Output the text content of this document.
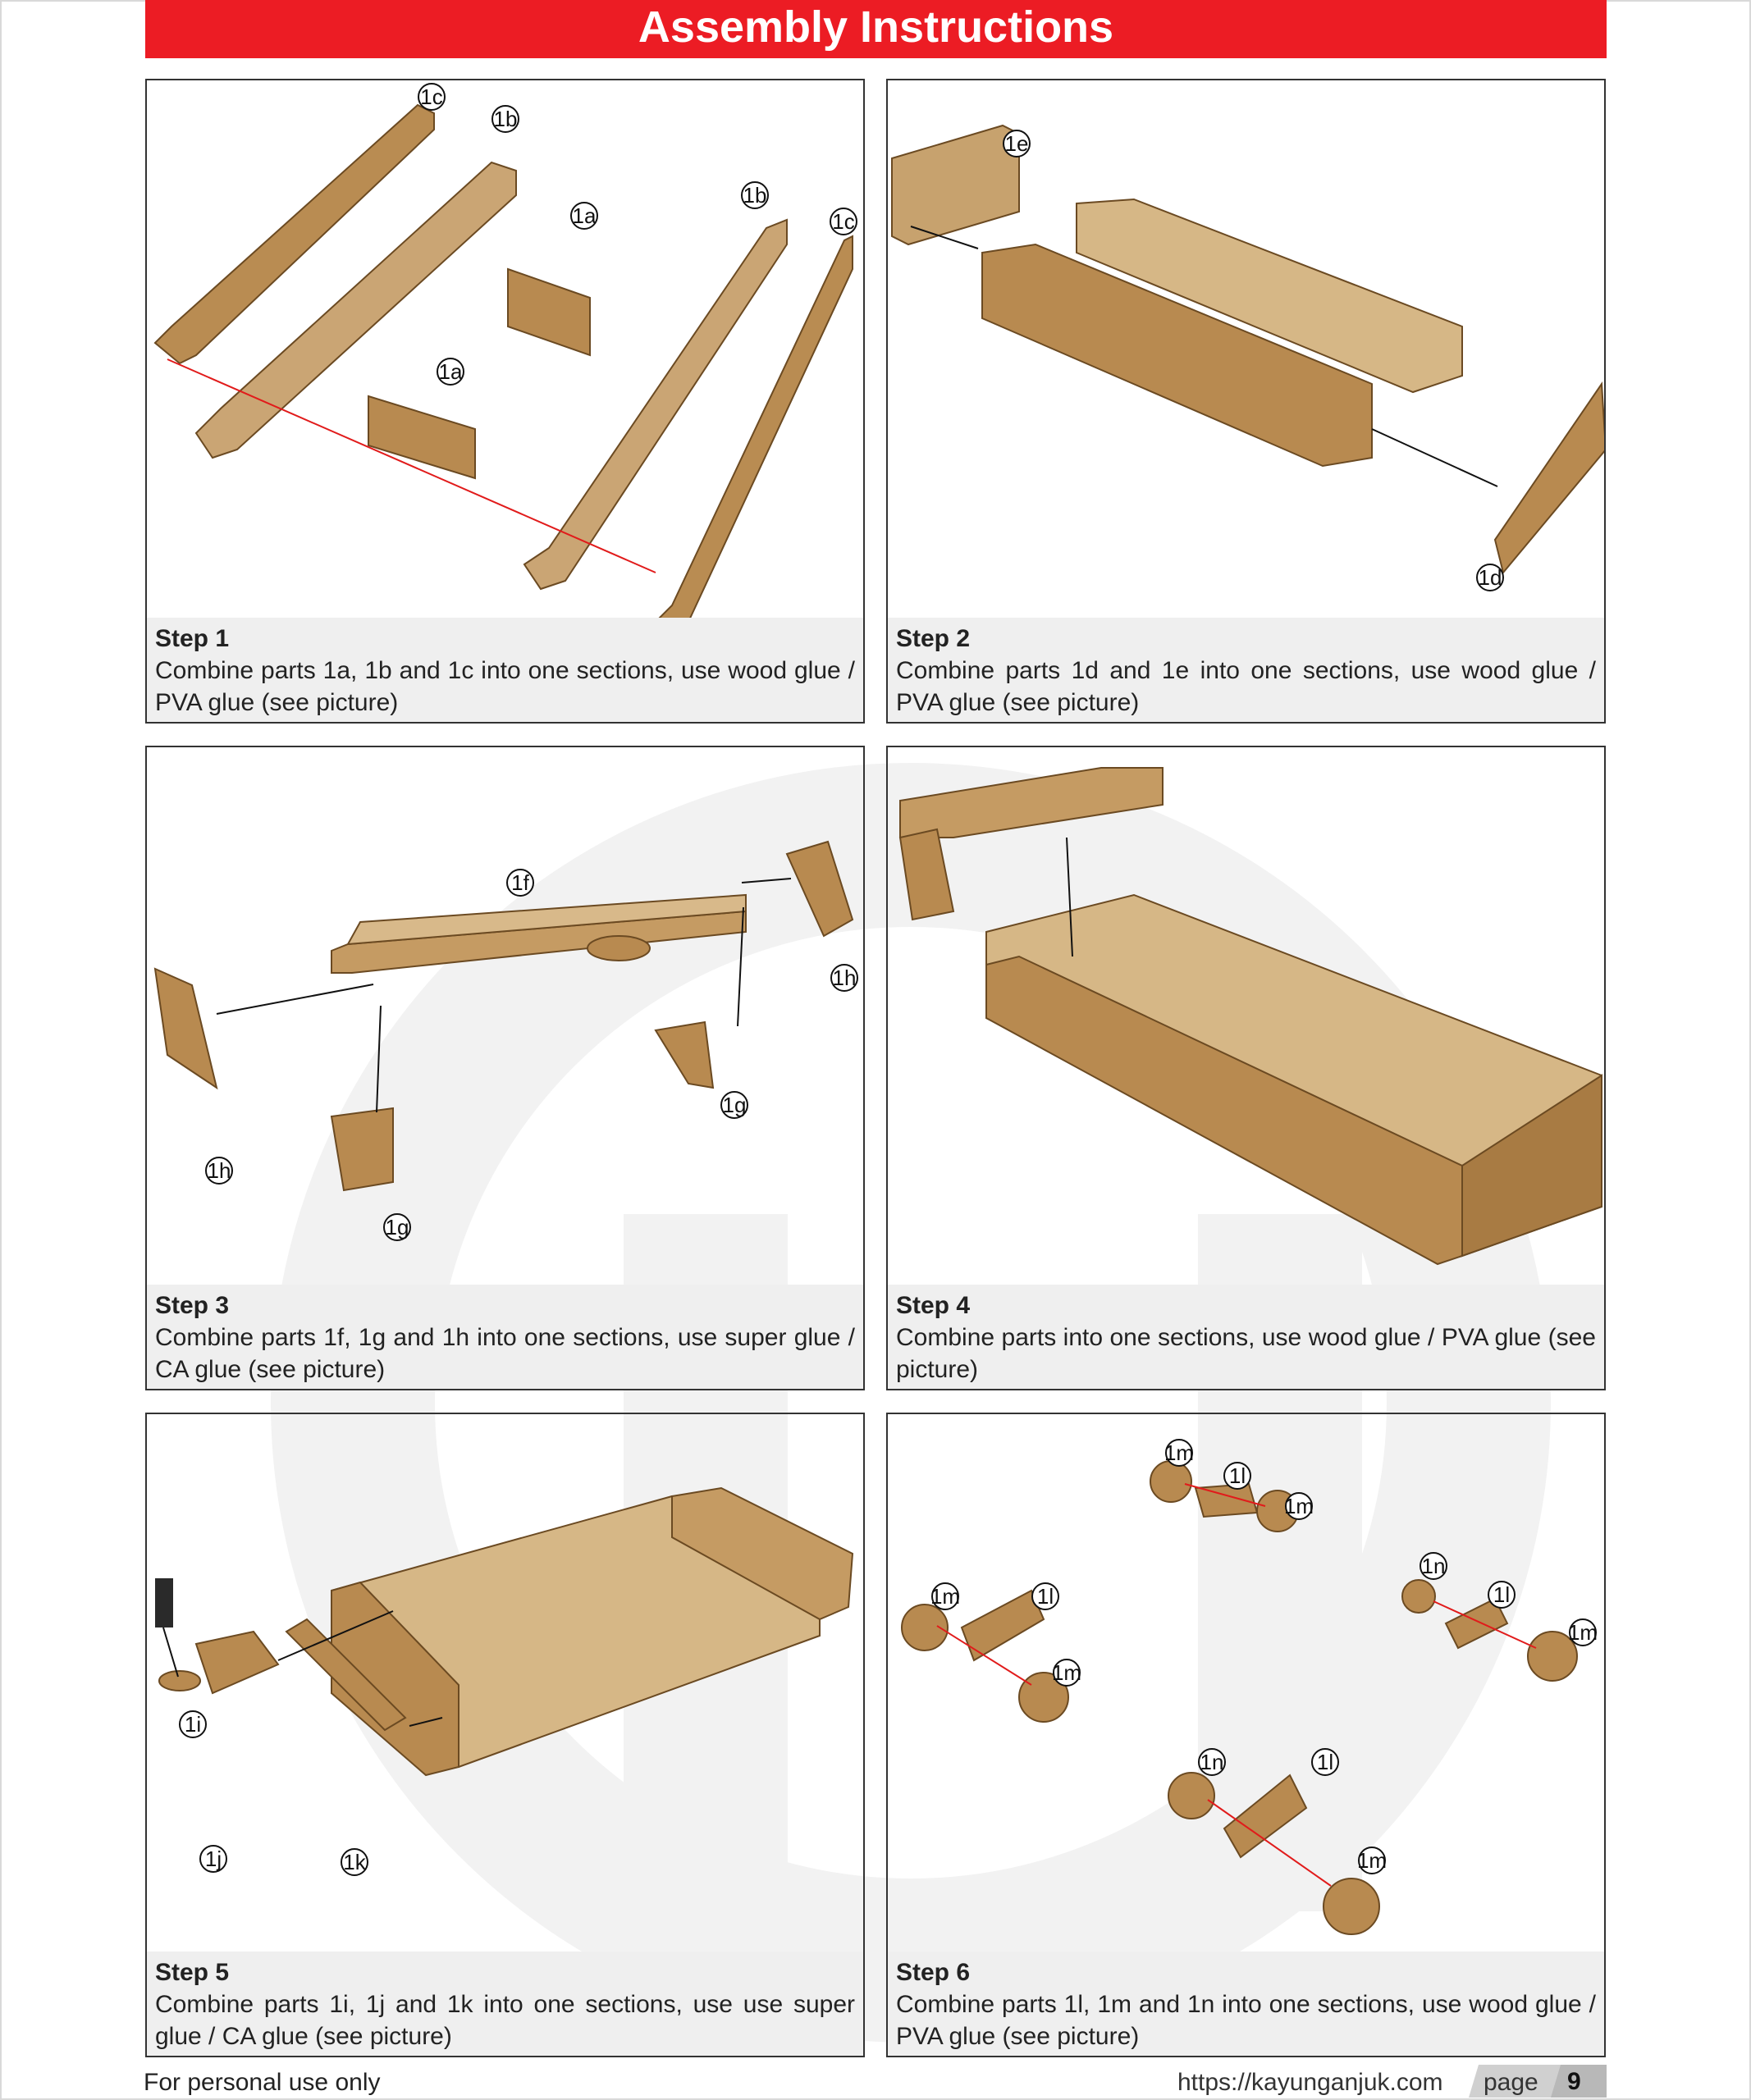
Assembly Instructions
1c
1b
1a
1b
1c
1a
Step 1
Combine parts 1a, 1b and 1c into one sections, use wood glue / PVA glue (see picture)
1e
1d
Step 2
Combine parts 1d and 1e into one sections, use wood glue / PVA glue (see picture)
1f
1h
1h
1g
1g
Step 3
Combine parts 1f, 1g and 1h into one sections, use super glue / CA glue (see picture)
Step 4
Combine parts into one sections, use wood glue / PVA glue (see picture)
1i
1j	1k
Step 5
Combine parts 1i, 1j and 1k into one sections, use use super glue / CA glue (see picture)
1m
1l
1m
1m	1l
1m
1n
1l
1m
1n	1l
1m
Step 6
Combine parts 1l, 1m and 1n into one sections, use wood glue / PVA glue (see picture)
For personal use only	https://kayunganjuk.com page 9
